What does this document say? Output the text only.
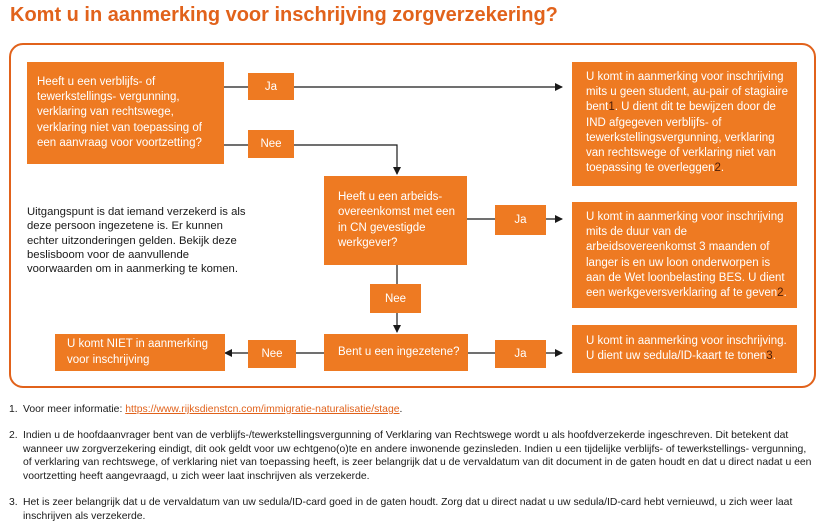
Komt u in aanmerking voor inschrijving zorgverzekering?
Heeft u een verblijfs- of tewerkstellings- vergunning, verklaring van rechtswege, verklaring niet van toepassing of een aanvraag voor voortzetting?
Heeft u een arbeids- overeenkomst met een in CN gevestigde werkgever?
Bent u een ingezetene?
Ja
Nee
Ja
Nee
Ja
Nee
U komt in aanmerking voor inschrijving mits u geen student, au-pair of stagiaire bent1. U dient dit te bewijzen door de IND afgegeven verblijfs- of tewerkstellingsvergunning, verklaring van rechtswege of verklaring niet van toepassing te overleggen2.
U komt in aanmerking voor inschrijving mits de duur van de arbeidsovereenkomst 3 maanden of langer is en uw loon onderworpen is aan de Wet loonbelasting BES. U dient een werkgeversverklaring af te geven2.
U komt in aanmerking voor inschrijving. U dient uw sedula/ID-kaart te tonen3.
U komt NIET in aanmerking voor inschrijving
Uitgangspunt is dat iemand verzekerd is als deze persoon ingezetene is. Er kunnen echter uitzonderingen gelden. Bekijk deze beslisboom voor de aanvullende voorwaarden om in aanmerking te komen.
1. Voor meer informatie: https://www.rijksdienstcn.com/immigratie-naturalisatie/stage.
2. Indien u de hoofdaanvrager bent van de verblijfs-/tewerkstellingsvergunning of Verklaring van Rechtswege wordt u als hoofdverzekerde ingeschreven. Dit betekent dat wanneer uw zorgverzekering eindigt, dit ook geldt voor uw echtgeno(o)te en andere inwonende gezinsleden. Indien u een tijdelijke verblijfs- of tewerkstellings- vergunning, of verklaring van rechtswege, of verklaring niet van toepassing heeft, is zeer belangrijk dat u de vervaldatum van dit document in de gaten houdt en dat u direct nadat u een voortzetting heeft aangevraagd, u zich weer laat inschrijven als verzekerde.
3. Het is zeer belangrijk dat u de vervaldatum van uw sedula/ID-card goed in de gaten houdt. Zorg dat u direct nadat u uw sedula/ID-card hebt vernieuwd, u zich weer laat inschrijven als verzekerde.
